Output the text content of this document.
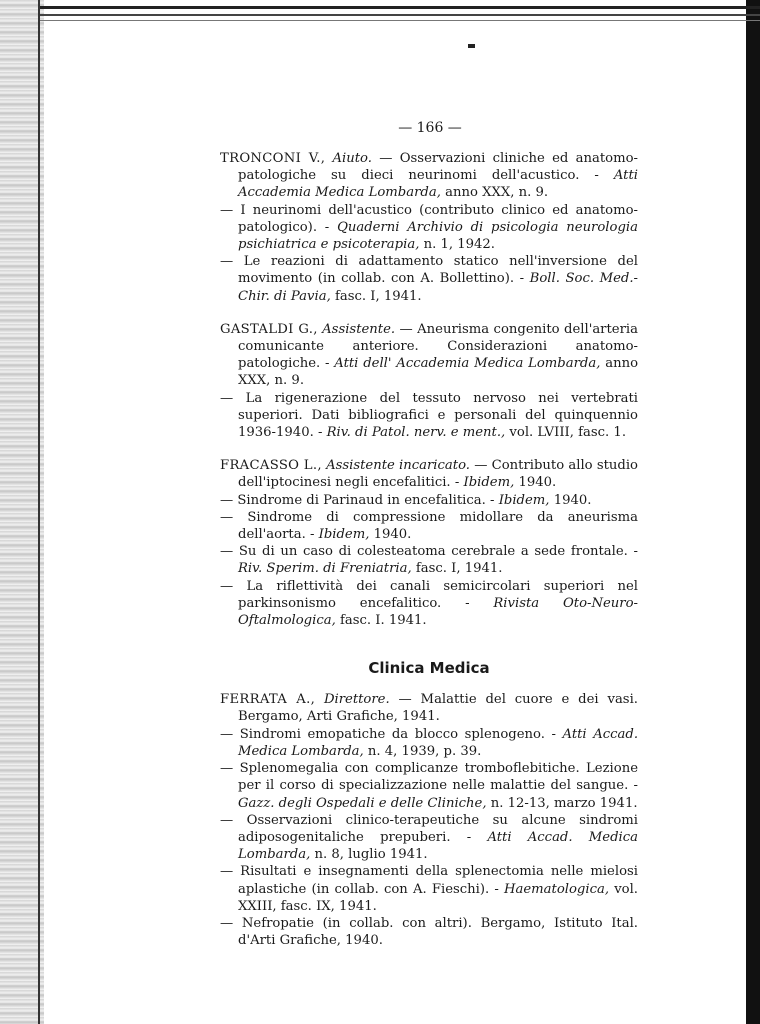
— 166 —

TRONCONI V., Aiuto. — Osservazioni cliniche ed anatomo-patologiche su dieci neurinomi dell'acustico. - Atti Accademia Medica Lombarda, anno XXX, n. 9.

— I neurinomi dell'acustico (contributo clinico ed anatomo-patologico). - Quaderni Archivio di psicologia neurologia psichiatrica e psicoterapia, n. 1, 1942.

— Le reazioni di adattamento statico nell'inversione del movimento (in collab. con A. Bollettino). - Boll. Soc. Med.-Chir. di Pavia, fasc. I, 1941.

GASTALDI G., Assistente. — Aneurisma congenito dell'arteria comunicante anteriore. Considerazioni anatomo-patologiche. - Atti dell' Accademia Medica Lombarda, anno XXX, n. 9.

— La rigenerazione del tessuto nervoso nei vertebrati superiori. Dati bibliografici e personali del quinquennio 1936-1940. - Riv. di Patol. nerv. e ment., vol. LVIII, fasc. 1.

FRACASSO L., Assistente incaricato. — Contributo allo studio dell'iptocinesi negli encefalitici. - Ibidem, 1940.

— Sindrome di Parinaud in encefalitica. - Ibidem, 1940.

— Sindrome di compressione midollare da aneurisma dell'aorta. - Ibidem, 1940.

— Su di un caso di colesteatoma cerebrale a sede frontale. - Riv. Sperim. di Freniatria, fasc. I, 1941.

— La riflettività dei canali semicircolari superiori nel parkinsonismo encefalitico. - Rivista Oto-Neuro-Oftalmologica, fasc. I. 1941.

Clinica Medica

FERRATA A., Direttore. — Malattie del cuore e dei vasi. Bergamo, Arti Grafiche, 1941.

— Sindromi emopatiche da blocco splenogeno. - Atti Accad. Medica Lombarda, n. 4, 1939, p. 39.

— Splenomegalia con complicanze tromboflebitiche. Lezione per il corso di specializzazione nelle malattie del sangue. - Gazz. degli Ospedali e delle Cliniche, n. 12-13, marzo 1941.

— Osservazioni clinico-terapeutiche su alcune sindromi adiposogenitaliche prepuberi. - Atti Accad. Medica Lombarda, n. 8, luglio 1941.

— Risultati e insegnamenti della splenectomia nelle mielosi aplastiche (in collab. con A. Fieschi). - Haematologica, vol. XXIII, fasc. IX, 1941.

— Nefropatie (in collab. con altri). Bergamo, Istituto Ital. d'Arti Grafiche, 1940.
